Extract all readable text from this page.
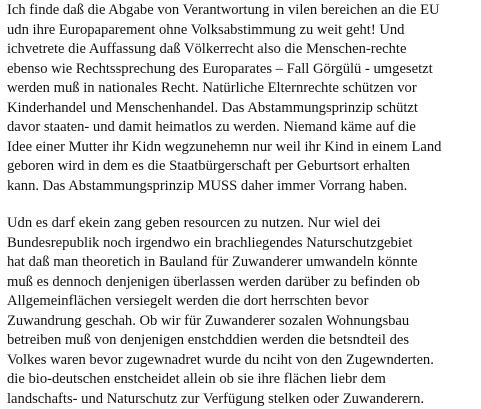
Ich finde daß die Abgabe von Verantwortung in vilen bereichen an die EU
udn ihre Europaparement ohne Volksabstimmung zu weit geht! Und
ichvetrete die Auffassung daß Völkerrecht also die Menschen-rechte
ebenso wie Rechtssprechung des Europarates – Fall Görgülü - umgesetzt
werden muß in nationales Recht. Natürliche Elternrechte schützen vor
Kinderhandel und Menschenhandel. Das Abstammungsprinzip schützt
davor staaten- und damit heimatlos zu werden. Niemand käme auf die
Idee einer Mutter ihr Kidn wegzunehemn nur weil ihr Kind in einem Land
geboren wird in dem es die Staatbürgerschaft per Geburtsort erhalten
kann. Das Abstammungsprinzip MUSS daher immer Vorrang haben.
Udn es darf ekein zang geben resourcen zu nutzen. Nur wiel dei
Bundesrepublik noch irgendwo ein brachliegendes Naturschutzgebiet
hat daß man theoretich in Bauland für Zuwanderer umwandeln könnte
muß es dennoch denjenigen überlassen werden darüber zu befinden ob
Allgemeinflächen versiegelt werden die dort herrschten bevor
Zuwandrung geschah. Ob wir für Zuwanderer sozalen Wohnungsbau
betreiben muß von denjenigen enstchddien werden die betsndteil des
Volkes waren bevor zugewnadret wurde du nciht von den Zugewnderten.
die bio-deutschen enstcheidet allein ob sie ihre flächen liebr dem
landschafts- und Naturschutz zur Verfügung stelken oder Zuwanderern.
